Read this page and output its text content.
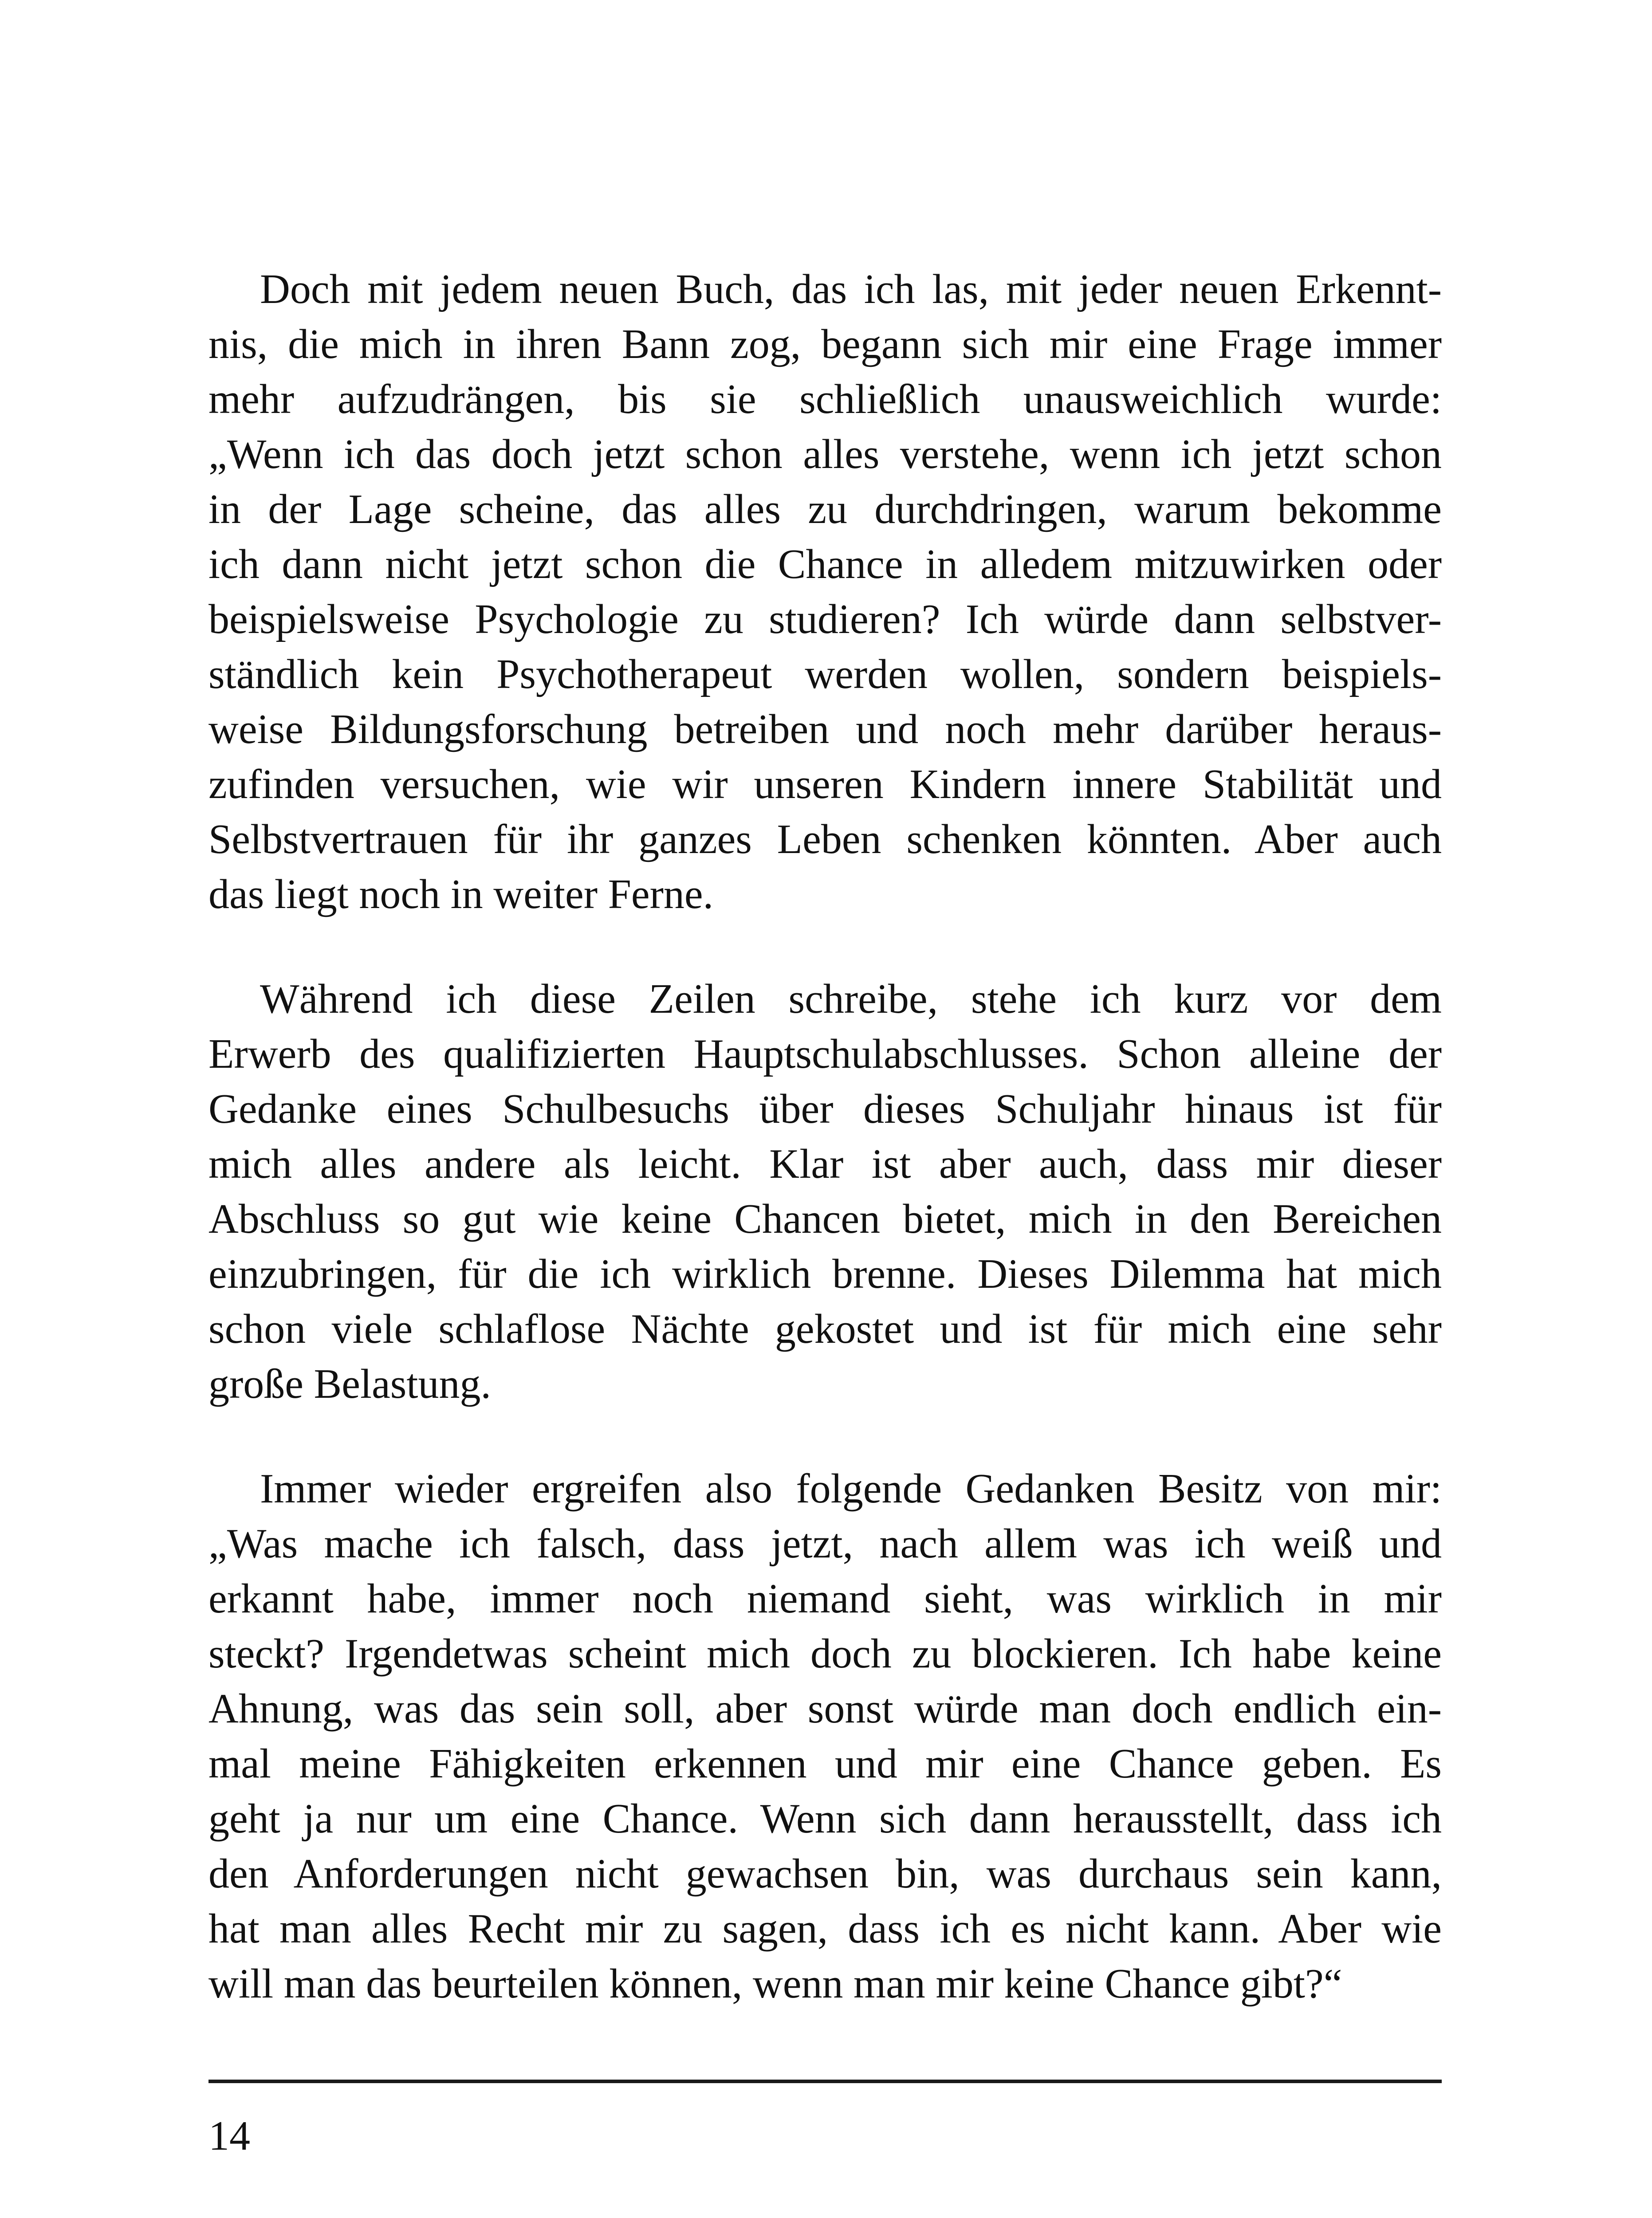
Doch mit jedem neuen Buch, das ich las, mit jeder neuen Erkennt-
nis, die mich in ihren Bann zog, begann sich mir eine Frage immer
mehr aufzudrängen, bis sie schließlich unausweichlich wurde:
„Wenn ich das doch jetzt schon alles verstehe, wenn ich jetzt schon
in der Lage scheine, das alles zu durchdringen, warum bekomme
ich dann nicht jetzt schon die Chance in alledem mitzuwirken oder
beispielsweise Psychologie zu studieren? Ich würde dann selbstver-
ständlich kein Psychotherapeut werden wollen, sondern beispiels-
weise Bildungsforschung betreiben und noch mehr darüber heraus-
zufinden versuchen, wie wir unseren Kindern innere Stabilität und
Selbstvertrauen für ihr ganzes Leben schenken könnten. Aber auch
das liegt noch in weiter Ferne.

Während ich diese Zeilen schreibe, stehe ich kurz vor dem
Erwerb des qualifizierten Hauptschulabschlusses. Schon alleine der
Gedanke eines Schulbesuchs über dieses Schuljahr hinaus ist für
mich alles andere als leicht. Klar ist aber auch, dass mir dieser
Abschluss so gut wie keine Chancen bietet, mich in den Bereichen
einzubringen, für die ich wirklich brenne. Dieses Dilemma hat mich
schon viele schlaflose Nächte gekostet und ist für mich eine sehr
große Belastung.

Immer wieder ergreifen also folgende Gedanken Besitz von mir:
„Was mache ich falsch, dass jetzt, nach allem was ich weiß und
erkannt habe, immer noch niemand sieht, was wirklich in mir
steckt? Irgendetwas scheint mich doch zu blockieren. Ich habe keine
Ahnung, was das sein soll, aber sonst würde man doch endlich ein-
mal meine Fähigkeiten erkennen und mir eine Chance geben. Es
geht ja nur um eine Chance. Wenn sich dann herausstellt, dass ich
den Anforderungen nicht gewachsen bin, was durchaus sein kann,
hat man alles Recht mir zu sagen, dass ich es nicht kann. Aber wie
will man das beurteilen können, wenn man mir keine Chance gibt?“

14
